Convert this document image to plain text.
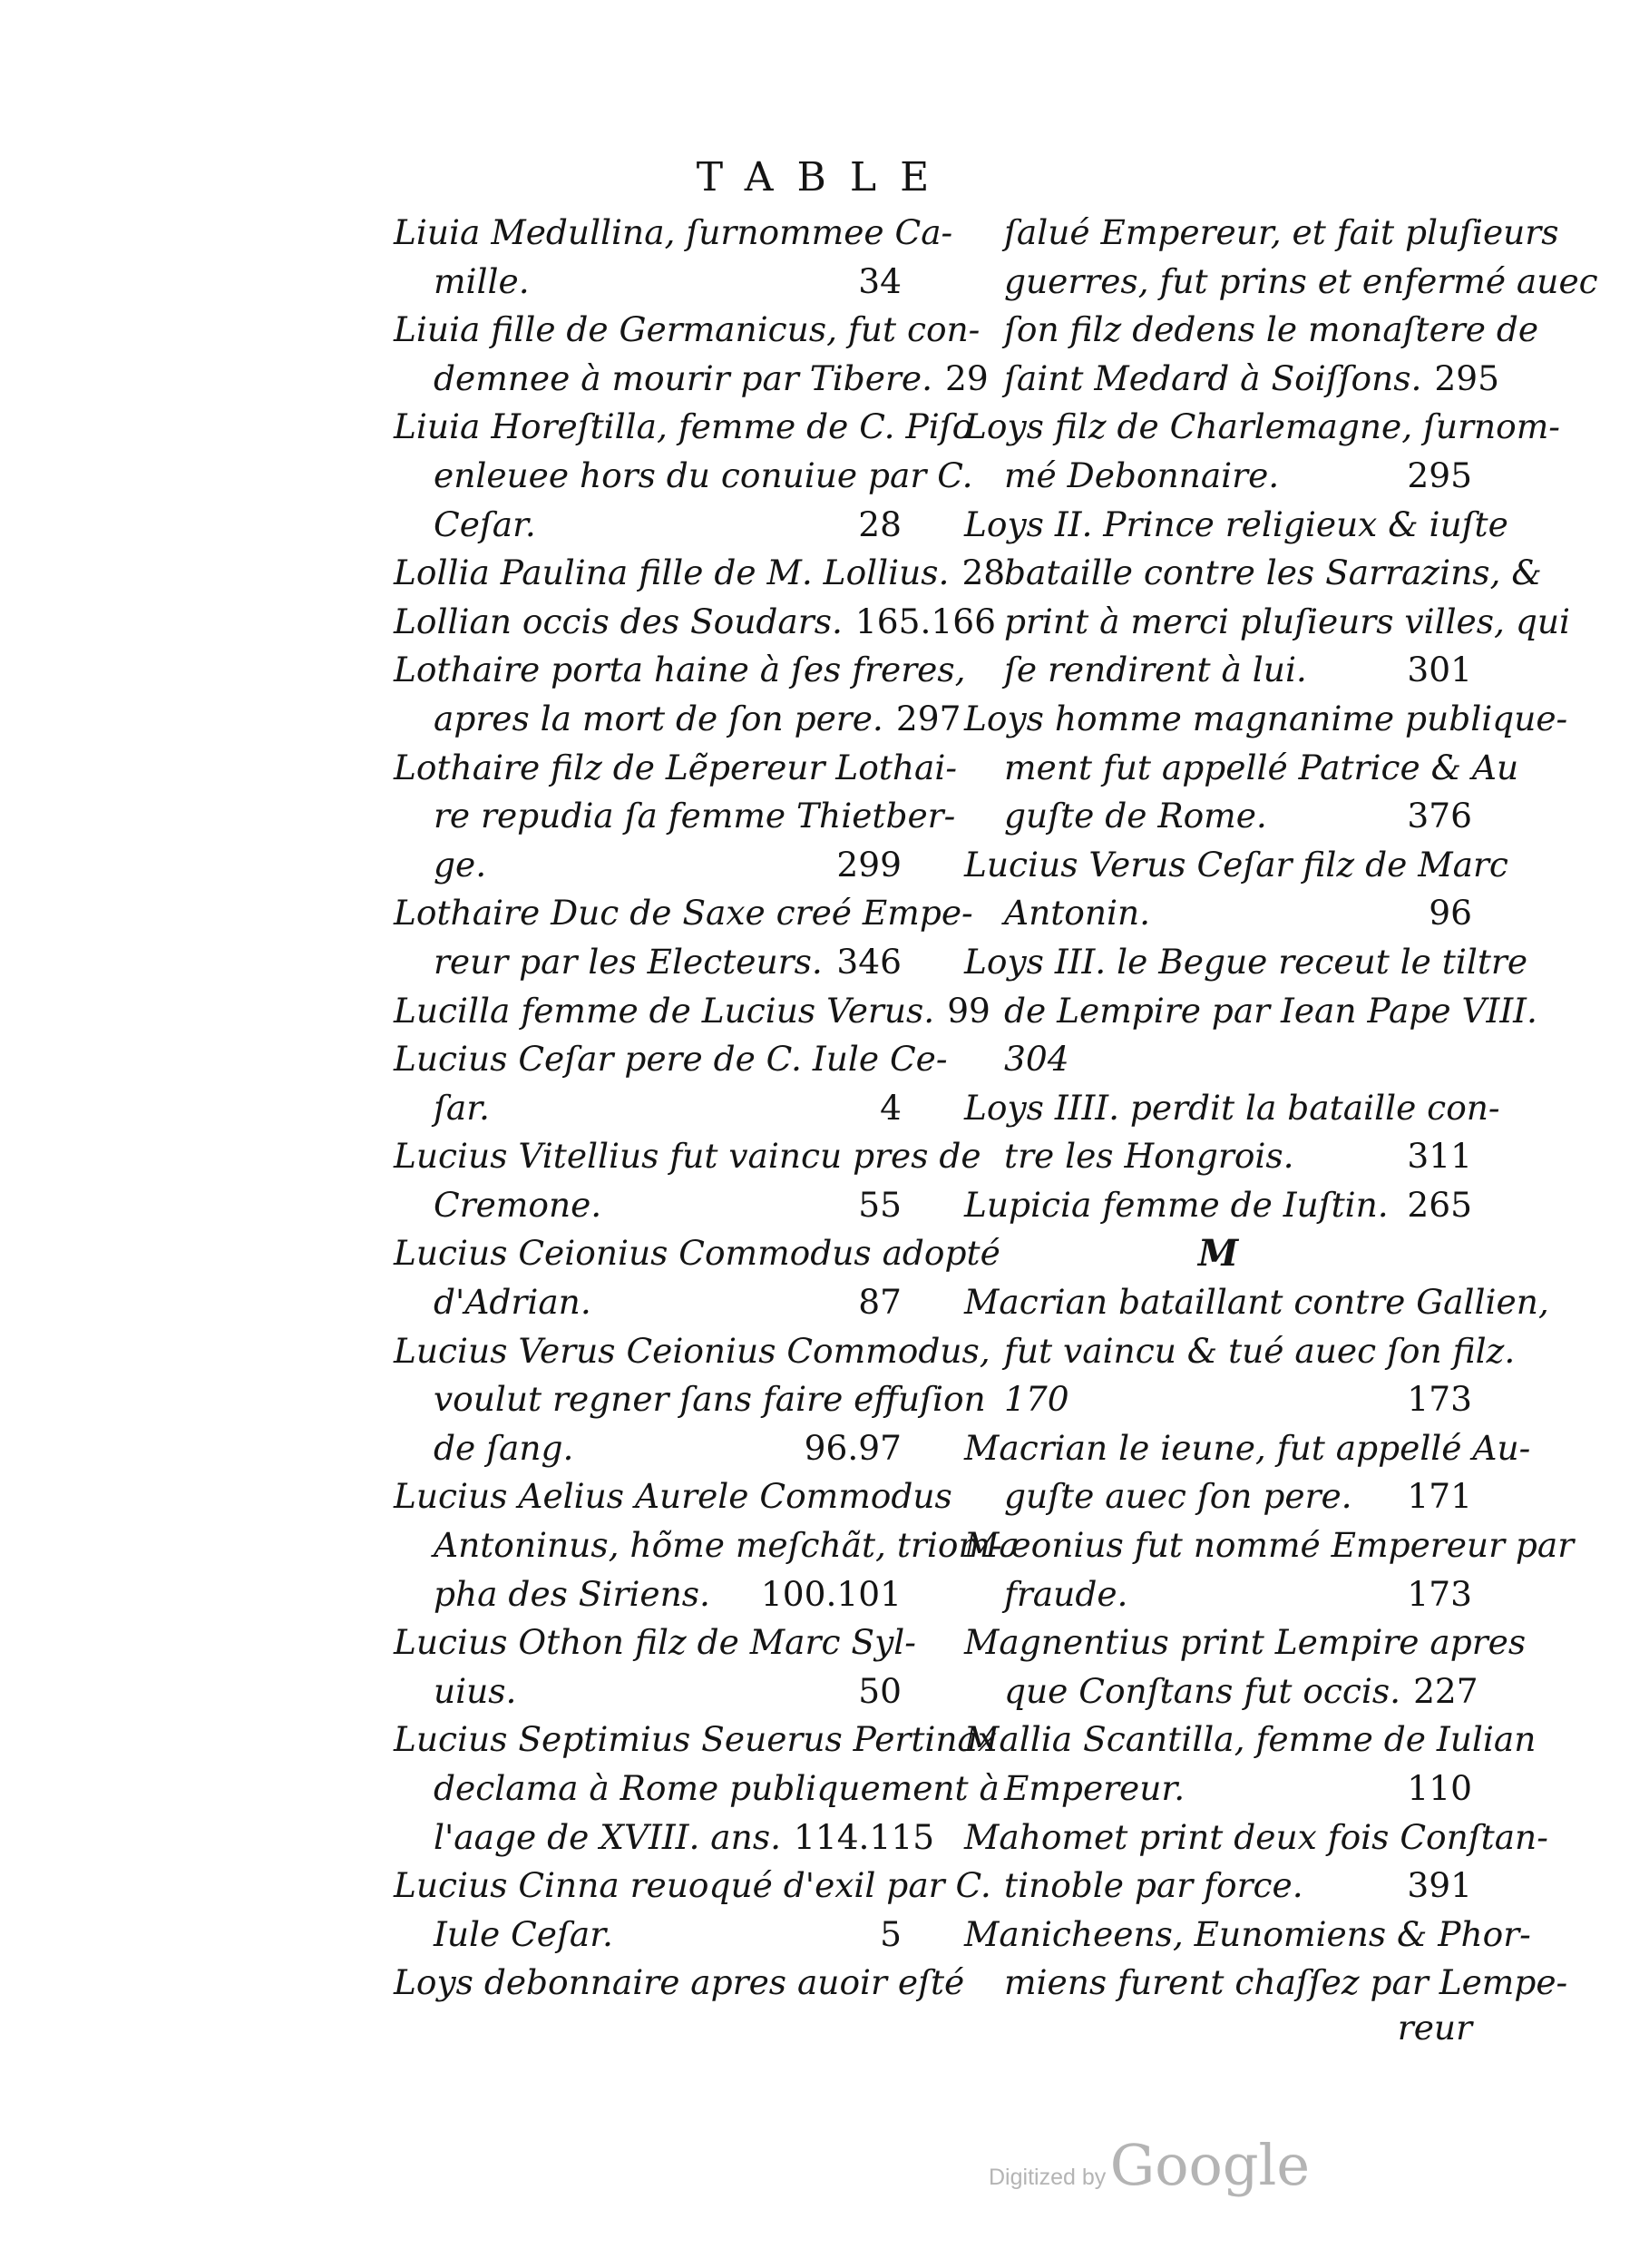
TABLE
Liuia Medullina, ſurnommee Ca-
mille.	34
Liuia fille de Germanicus, fut con-
demnee à mourir par Tibere. 29
Liuia Horeſtilla, femme de C. Piſo
enleuee hors du conuiue par C.
Ceſar.	28
Lollia Paulina fille de M. Lollius. 28
Lollian occis des Soudars. 165.166
Lothaire porta haine à ſes freres,
apres la mort de ſon pere. 297
Lothaire filz de Lẽpereur Lothai-
re repudia ſa femme Thietber-
ge.	299
Lothaire Duc de Saxe creé Empe-
reur par les Electeurs. 346
Lucilla femme de Lucius Verus. 99
Lucius Ceſar pere de C. Iule Ce-
ſar.	4
Lucius Vitellius fut vaincu pres de
Cremone.	55
Lucius Ceionius Commodus adopté
d'Adrian.	87
Lucius Verus Ceionius Commodus,
voulut regner ſans faire effuſion
de ſang.	96.97
Lucius Aelius Aurele Commodus
Antoninus, hõme meſchãt, triom-
pha des Siriens.	100.101
Lucius Othon filz de Marc Syl-
uius.	50
Lucius Septimius Seuerus Pertinax
declama à Rome publiquement à
l'aage de XVIII. ans. 114.115
Lucius Cinna reuoqué d'exil par C.
Iule Ceſar.	5
Loys debonnaire apres auoir eſté
ſalué Empereur, et fait pluſieurs
guerres, fut prins et enfermé auec
ſon filz dedens le monaſtere de
ſaint Medard à Soiſſons. 295
Loys filz de Charlemagne, ſurnom-
mé Debonnaire.	295
Loys II. Prince religieux & iuſte
bataille contre les Sarrazins, &
print à merci pluſieurs villes, qui
ſe rendirent à lui.	301
Loys homme magnanime publique-
ment fut appellé Patrice & Au
guſte de Rome.	376
Lucius Verus Ceſar filz de Marc
Antonin.	96
Loys III. le Begue receut le tiltre
de Lempire par Iean Pape VIII.
304
Loys IIII. perdit la bataille con-
tre les Hongrois.	311
Lupicia femme de Iuſtin. 265
M
Macrian bataillant contre Gallien,
fut vaincu & tué auec ſon filz.
170	173
Macrian le ieune, fut appellé Au-
guſte auec ſon pere.	171
Mæonius fut nommé Empereur par
fraude.	173
Magnentius print Lempire apres
que Conſtans fut occis. 227
Mallia Scantilla, femme de Iulian
Empereur.	110
Mahomet print deux fois Conſtan-
tinoble par force.	391
Manicheens, Eunomiens & Phor-
miens furent chaſſez par Lempe-
reur
Digitized by Google
